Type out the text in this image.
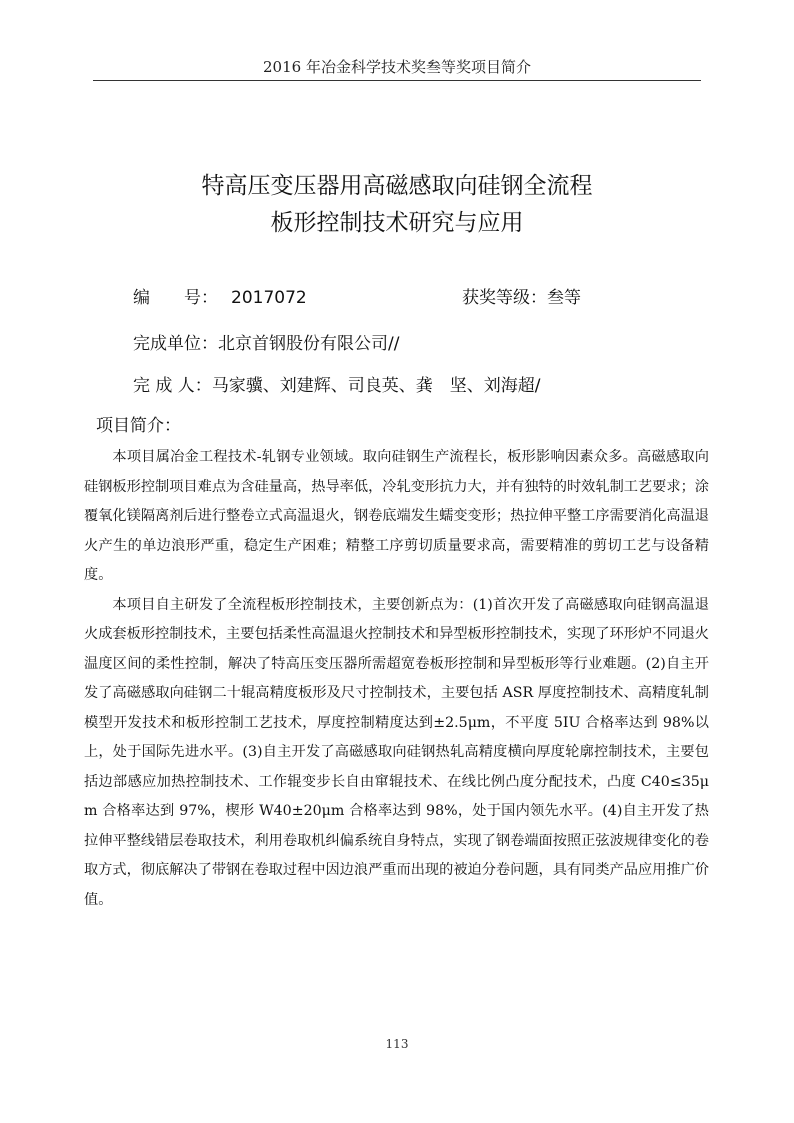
2016 年冶金科学技术奖叁等奖项目简介
特高压变压器用高磁感取向硅钢全流程
板形控制技术研究与应用
编　　号： 2017072	获奖等级：叁等
完成单位：北京首钢股份有限公司//
完 成 人：马家骥、刘建辉、司良英、龚　坚、刘海超/
项目简介：

本项目属冶金工程技术-轧钢专业领域。取向硅钢生产流程长，板形影响因素众多。高磁感取向硅钢板形控制项目难点为含硅量高，热导率低，冷轧变形抗力大，并有独特的时效轧制工艺要求；涂覆氧化镁隔离剂后进行整卷立式高温退火，钢卷底端发生蠕变变形；热拉伸平整工序需要消化高温退火产生的单边浪形严重，稳定生产困难；精整工序剪切质量要求高，需要精准的剪切工艺与设备精度。

本项目自主研发了全流程板形控制技术，主要创新点为：(1)首次开发了高磁感取向硅钢高温退火成套板形控制技术，主要包括柔性高温退火控制技术和异型板形控制技术，实现了环形炉不同退火温度区间的柔性控制，解决了特高压变压器所需超宽卷板形控制和异型板形等行业难题。(2)自主开发了高磁感取向硅钢二十辊高精度板形及尺寸控制技术，主要包括 ASR 厚度控制技术、高精度轧制模型开发技术和板形控制工艺技术，厚度控制精度达到±2.5μm，不平度 5IU 合格率达到 98%以上，处于国际先进水平。(3)自主开发了高磁感取向硅钢热轧高精度横向厚度轮廓控制技术，主要包括边部感应加热控制技术、工作辊变步长自由窜辊技术、在线比例凸度分配技术，凸度 C40≤35μm 合格率达到 97%，楔形 W40±20μm 合格率达到 98%，处于国内领先水平。(4)自主开发了热拉伸平整线错层卷取技术，利用卷取机纠偏系统自身特点，实现了钢卷端面按照正弦波规律变化的卷取方式，彻底解决了带钢在卷取过程中因边浪严重而出现的被迫分卷问题，具有同类产品应用推广价值。

113
